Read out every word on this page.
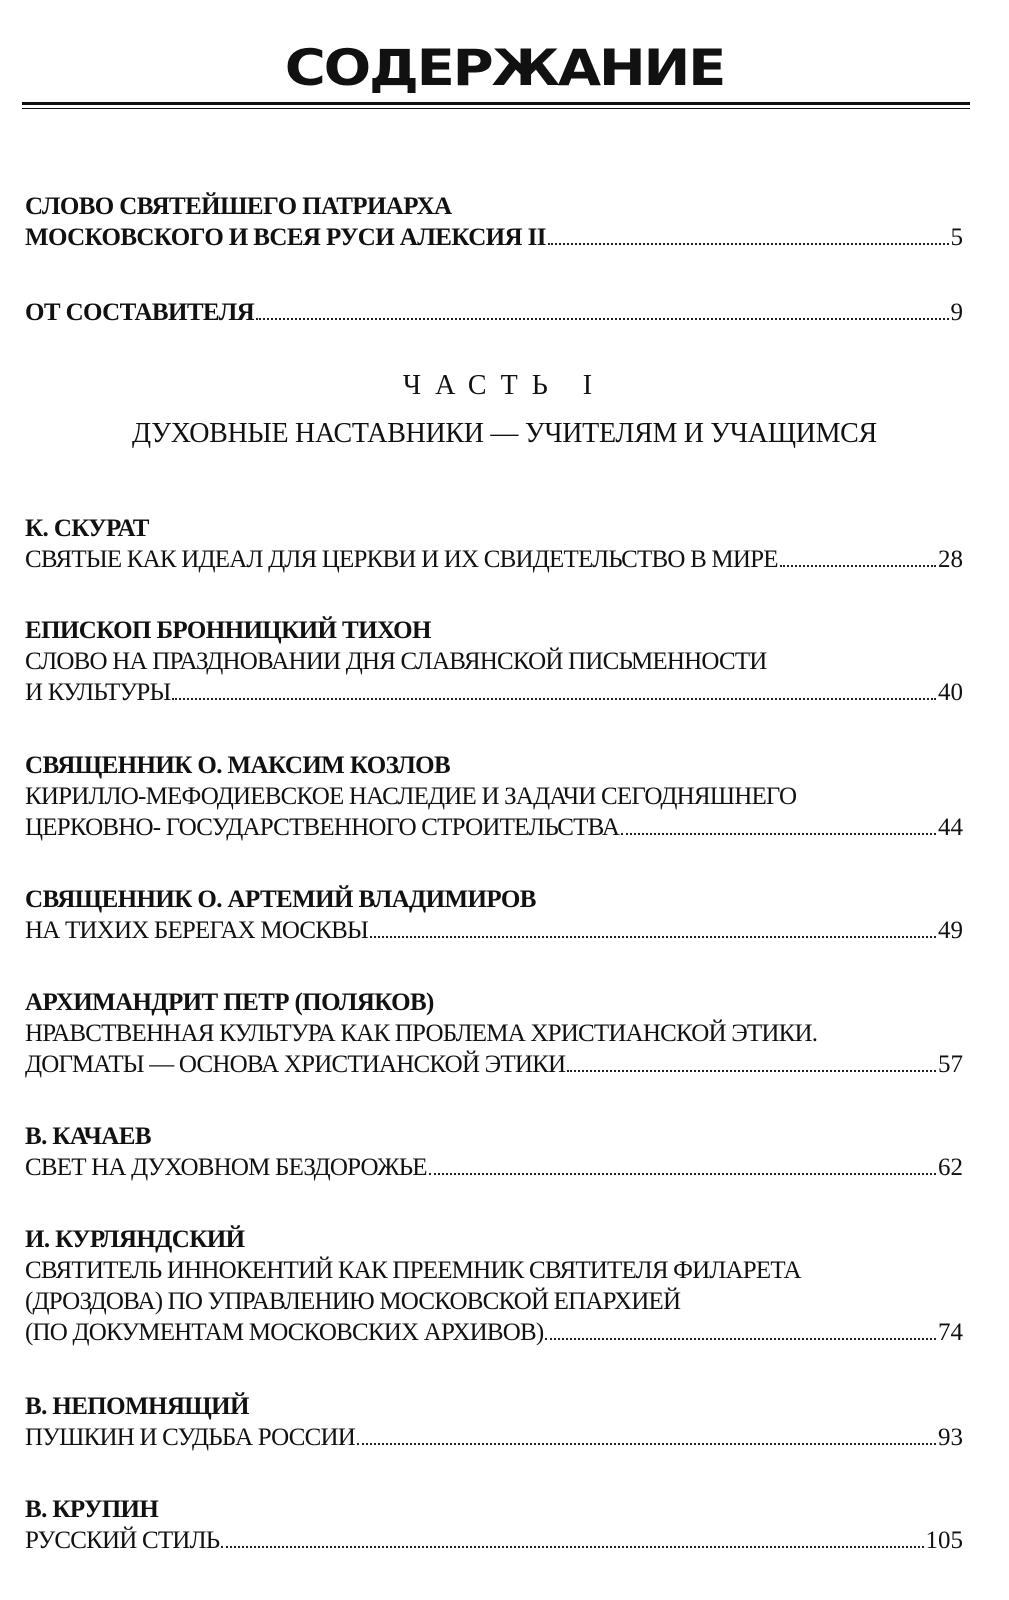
СОДЕРЖАНИЕ
СЛОВО СВЯТЕЙШЕГО ПАТРИАРХА
МОСКОВСКОГО И ВСЕЯ РУСИ АЛЕКСИЯ II	5
ОТ СОСТАВИТЕЛЯ	9
ЧАСТЬ I
ДУХОВНЫЕ НАСТАВНИКИ — УЧИТЕЛЯМ И УЧАЩИМСЯ
К. СКУРАТ
СВЯТЫЕ КАК ИДЕАЛ ДЛЯ ЦЕРКВИ И ИХ СВИДЕТЕЛЬСТВО В МИРЕ	28
ЕПИСКОП БРОННИЦКИЙ ТИХОН
СЛОВО НА ПРАЗДНОВАНИИ ДНЯ СЛАВЯНСКОЙ ПИСЬМЕННОСТИ
И КУЛЬТУРЫ	40
СВЯЩЕННИК О. МАКСИМ КОЗЛОВ
КИРИЛЛО-МЕФОДИЕВСКОЕ НАСЛЕДИЕ И ЗАДАЧИ СЕГОДНЯШНЕГО
ЦЕРКОВНО- ГОСУДАРСТВЕННОГО СТРОИТЕЛЬСТВА	44
СВЯЩЕННИК О. АРТЕМИЙ ВЛАДИМИРОВ
НА ТИХИХ БЕРЕГАХ МОСКВЫ	49
АРХИМАНДРИТ ПЕТР (ПОЛЯКОВ)
НРАВСТВЕННАЯ КУЛЬТУРА КАК ПРОБЛЕМА ХРИСТИАНСКОЙ ЭТИКИ.
ДОГМАТЫ — ОСНОВА ХРИСТИАНСКОЙ ЭТИКИ	57
В. КАЧАЕВ
СВЕТ НА ДУХОВНОМ БЕЗДОРОЖЬЕ	62
И. КУРЛЯНДСКИЙ
СВЯТИТЕЛЬ ИННОКЕНТИЙ КАК ПРЕЕМНИК СВЯТИТЕЛЯ ФИЛАРЕТА
(ДРОЗДОВА) ПО УПРАВЛЕНИЮ МОСКОВСКОЙ ЕПАРХИЕЙ
(ПО ДОКУМЕНТАМ МОСКОВСКИХ АРХИВОВ)	74
В. НЕПОМНЯЩИЙ
ПУШКИН И СУДЬБА РОССИИ	93
В. КРУПИН
РУССКИЙ СТИЛЬ	105
